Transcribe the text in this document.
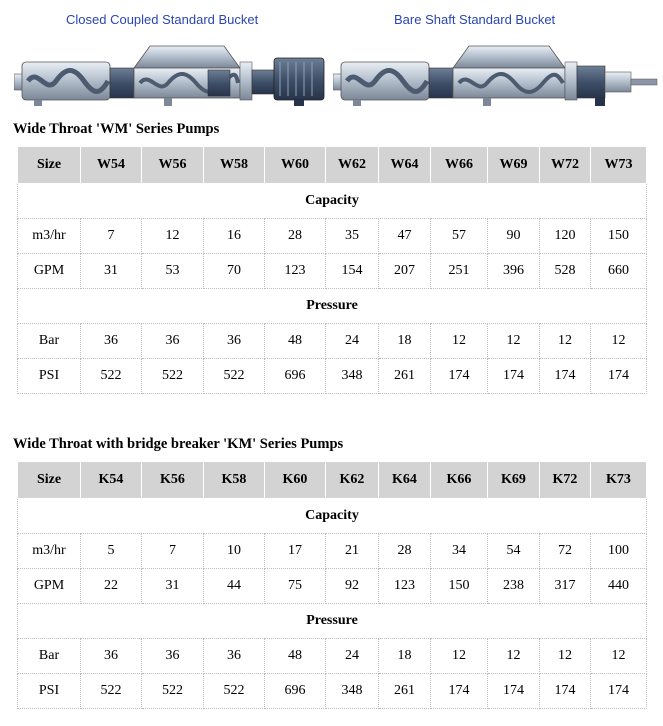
Closed Coupled Standard Bucket	Bare Shaft Standard Bucket
Wide Throat 'WM' Series Pumps
Size	W54	W56	W58	W60	W62	W64	W66	W69	W72	W73
Capacity										
m3/hr	7	12	16	28	35	47	57	90	120	150
GPM	31	53	70	123	154	207	251	396	528	660
Pressure										
Bar	36	36	36	48	24	18	12	12	12	12
PSI	522	522	522	696	348	261	174	174	174	174
Wide Throat with bridge breaker 'KM' Series Pumps
Size	K54	K56	K58	K60	K62	K64	K66	K69	K72	K73
Capacity										
m3/hr	5	7	10	17	21	28	34	54	72	100
GPM	22	31	44	75	92	123	150	238	317	440
Pressure										
Bar	36	36	36	48	24	18	12	12	12	12
PSI	522	522	522	696	348	261	174	174	174	174
